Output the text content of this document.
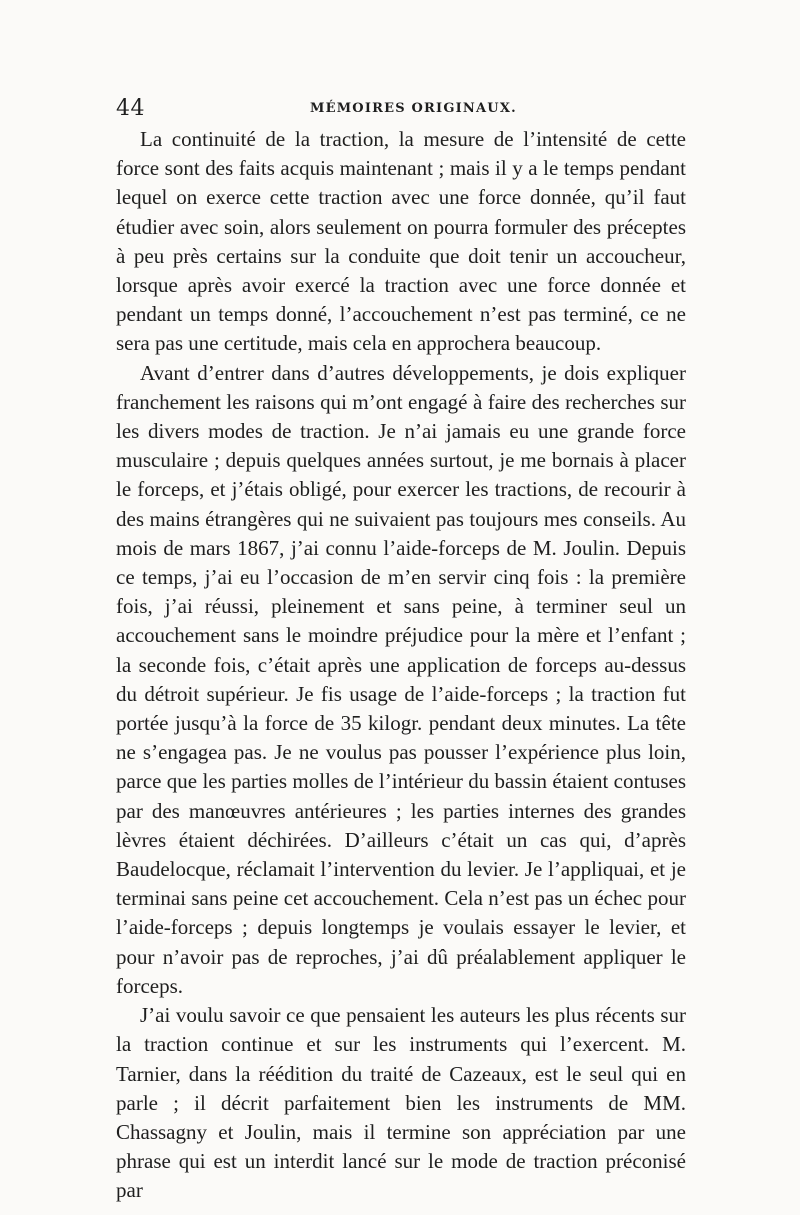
44	MÉMOIRES ORIGINAUX.

La continuité de la traction, la mesure de l’intensité de cette force sont des faits acquis maintenant ; mais il y a le temps pendant lequel on exerce cette traction avec une force donnée, qu’il faut étudier avec soin, alors seulement on pourra formuler des préceptes à peu près certains sur la conduite que doit tenir un accoucheur, lorsque après avoir exercé la traction avec une force donnée et pendant un temps donné, l’accouchement n’est pas terminé, ce ne sera pas une certitude, mais cela en approchera beaucoup.

Avant d’entrer dans d’autres développements, je dois expliquer franchement les raisons qui m’ont engagé à faire des recherches sur les divers modes de traction. Je n’ai jamais eu une grande force musculaire ; depuis quelques années surtout, je me bornais à placer le forceps, et j’étais obligé, pour exercer les tractions, de recourir à des mains étrangères qui ne suivaient pas toujours mes conseils. Au mois de mars 1867, j’ai connu l’aide-forceps de M. Joulin. Depuis ce temps, j’ai eu l’occasion de m’en servir cinq fois : la première fois, j’ai réussi, pleinement et sans peine, à terminer seul un accouchement sans le moindre préjudice pour la mère et l’enfant ; la seconde fois, c’était après une application de forceps au-dessus du détroit supérieur. Je fis usage de l’aide-forceps ; la traction fut portée jusqu’à la force de 35 kilogr. pendant deux minutes. La tête ne s’engagea pas. Je ne voulus pas pousser l’expérience plus loin, parce que les parties molles de l’intérieur du bassin étaient contuses par des manœuvres antérieures ; les parties internes des grandes lèvres étaient déchirées. D’ailleurs c’était un cas qui, d’après Baudelocque, réclamait l’intervention du levier. Je l’appliquai, et je terminai sans peine cet accouchement. Cela n’est pas un échec pour l’aide-forceps ; depuis longtemps je voulais essayer le levier, et pour n’avoir pas de reproches, j’ai dû préalablement appliquer le forceps.

J’ai voulu savoir ce que pensaient les auteurs les plus récents sur la traction continue et sur les instruments qui l’exercent. M. Tarnier, dans la réédition du traité de Cazeaux, est le seul qui en parle ; il décrit parfaitement bien les instruments de MM. Chassagny et Joulin, mais il termine son appréciation par une phrase qui est un interdit lancé sur le mode de traction préconisé par
